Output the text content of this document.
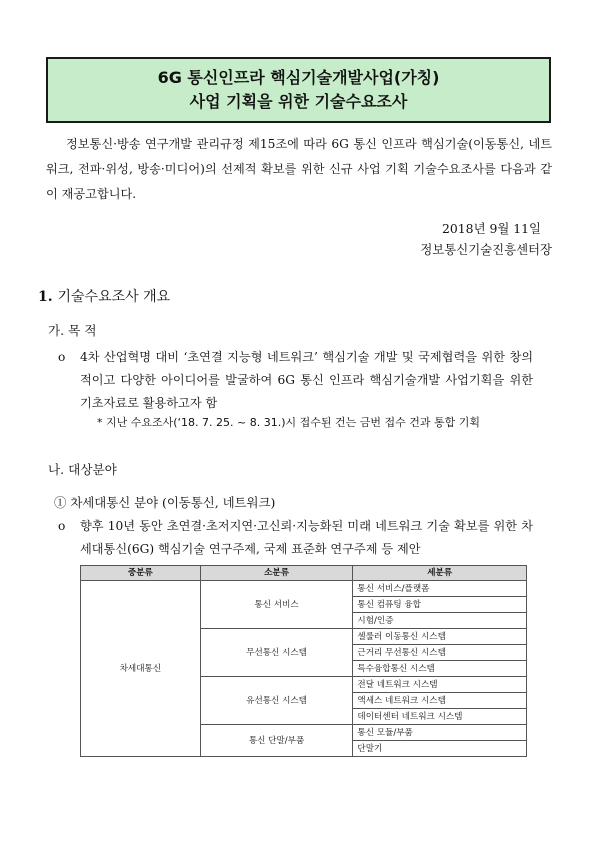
6G 통신인프라 핵심기술개발사업(가칭)
사업 기획을 위한 기술수요조사

정보통신·방송 연구개발 관리규정 제15조에 따라 6G 통신 인프라 핵심기술(이동통신, 네트워크, 전파·위성, 방송·미디어)의 선제적 확보를 위한 신규 사업 기획 기술수요조사를 다음과 같이 재공고합니다.

2018년 9월 11일
정보통신기술진흥센터장
1. 기술수요조사 개요
가. 목 적
o 4차 산업혁명 대비 ‘초연결 지능형 네트워크’ 핵심기술 개발 및 국제협력을 위한 창의적이고 다양한 아이디어를 발굴하여 6G 통신 인프라 핵심기술개발 사업기획을 위한 기초자료로 활용하고자 함
* 지난 수요조사(‘18. 7. 25. ~ 8. 31.)시 접수된 건는 금번 접수 건과 통합 기획
나. 대상분야
① 차세대통신 분야 (이동통신, 네트워크)
o 향후 10년 동안 초연결·초저지연·고신뢰·지능화된 미래 네트워크 기술 확보를 위한 차세대통신(6G) 핵심기술 연구주제, 국제 표준화 연구주제 등 제안
중분류	소분류	세분류
차세대통신	통신 서비스	통신 서비스/플랫폼
		통신 컴퓨팅 융합
		시험/인증
	무선통신 시스템	셀룰러 이동통신 시스템
		근거리 무선통신 시스템
		특수융합통신 시스템
	유선통신 시스템	전달 네트워크 시스템
		액세스 네트워크 시스템
		데이터센터 네트워크 시스템
	통신 단말/부품	통신 모듈/부품
		단말기
